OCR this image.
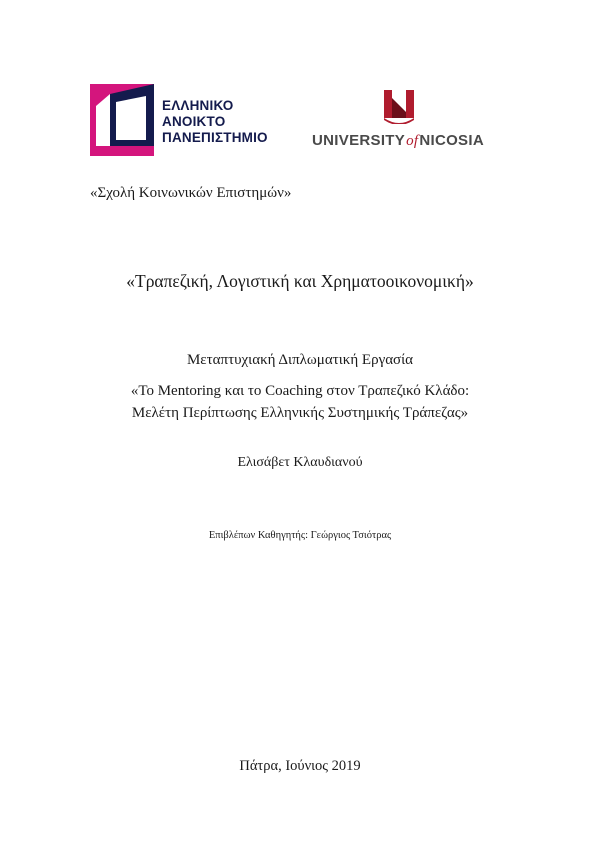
ΕΛΛΗΝΙΚΟ
ΑΝΟΙΚΤΟ
ΠΑΝΕΠΙΣΤΗΜΙΟ	UNIVERSITYofNICOSIA
«Σχολή Κοινωνικών Επιστημών»
«Τραπεζική, Λογιστική και Χρηματοοικονομική»
Μεταπτυχιακή Διπλωματική Εργασία
«Το Mentoring και το Coaching στον Τραπεζικό Κλάδο:
Μελέτη Περίπτωσης Ελληνικής Συστημικής Τράπεζας»
Ελισάβετ Κλαυδιανού
Επιβλέπων Καθηγητής: Γεώργιος Τσιότρας
Πάτρα, Ιούνιος 2019
